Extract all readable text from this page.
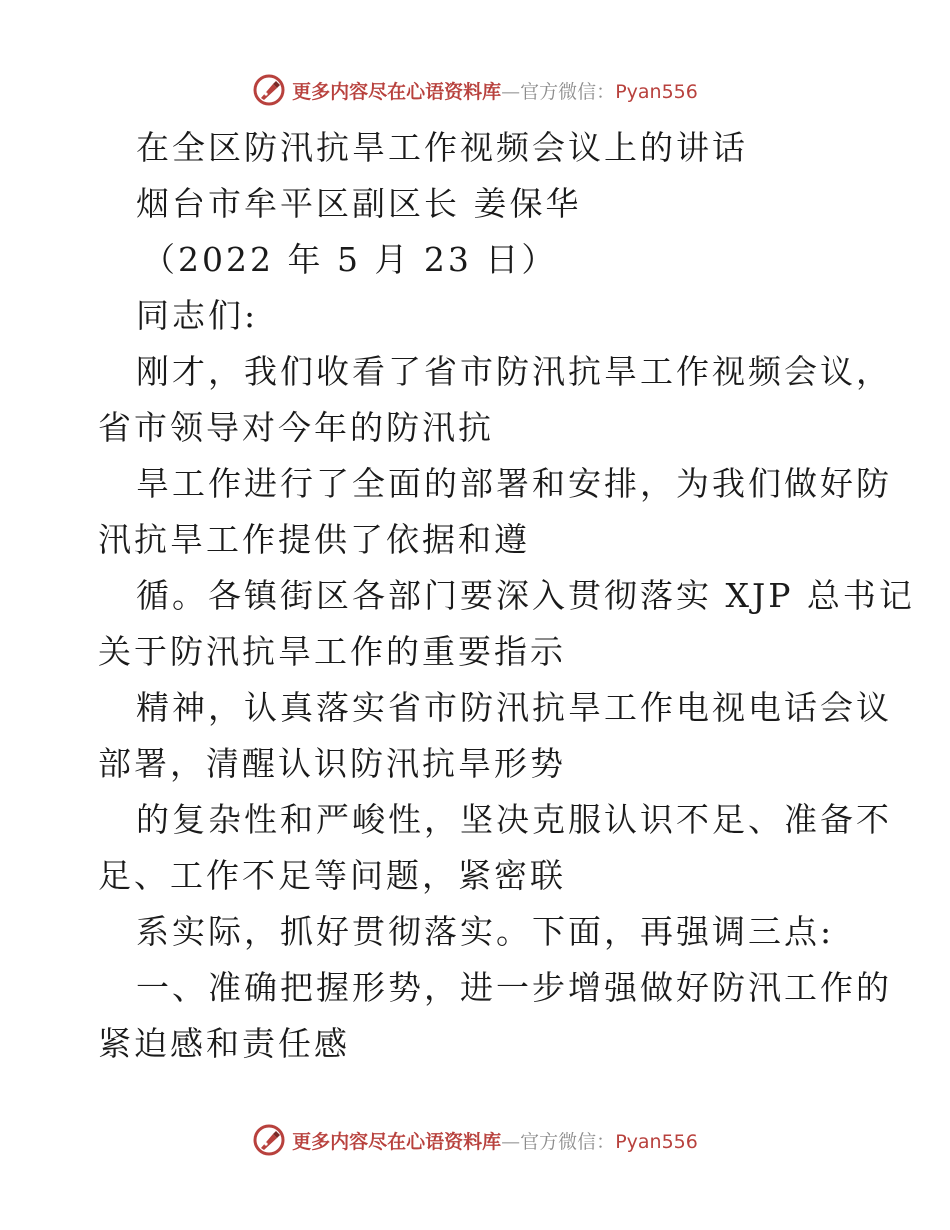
更多内容尽在心语资料库—官方微信：Pyan556
在全区防汛抗旱工作视频会议上的讲话
烟台市牟平区副区长 姜保华
（2022 年 5 月 23 日）
同志们:
刚才，我们收看了省市防汛抗旱工作视频会议，
省市领导对今年的防汛抗
旱工作进行了全面的部署和安排，为我们做好防
汛抗旱工作提供了依据和遵
循。各镇街区各部门要深入贯彻落实 XJP 总书记
关于防汛抗旱工作的重要指示
精神，认真落实省市防汛抗旱工作电视电话会议
部署，清醒认识防汛抗旱形势
的复杂性和严峻性，坚决克服认识不足、准备不
足、工作不足等问题，紧密联
系实际，抓好贯彻落实。下面，再强调三点:
一、准确把握形势，进一步增强做好防汛工作的
紧迫感和责任感
更多内容尽在心语资料库—官方微信：Pyan556
